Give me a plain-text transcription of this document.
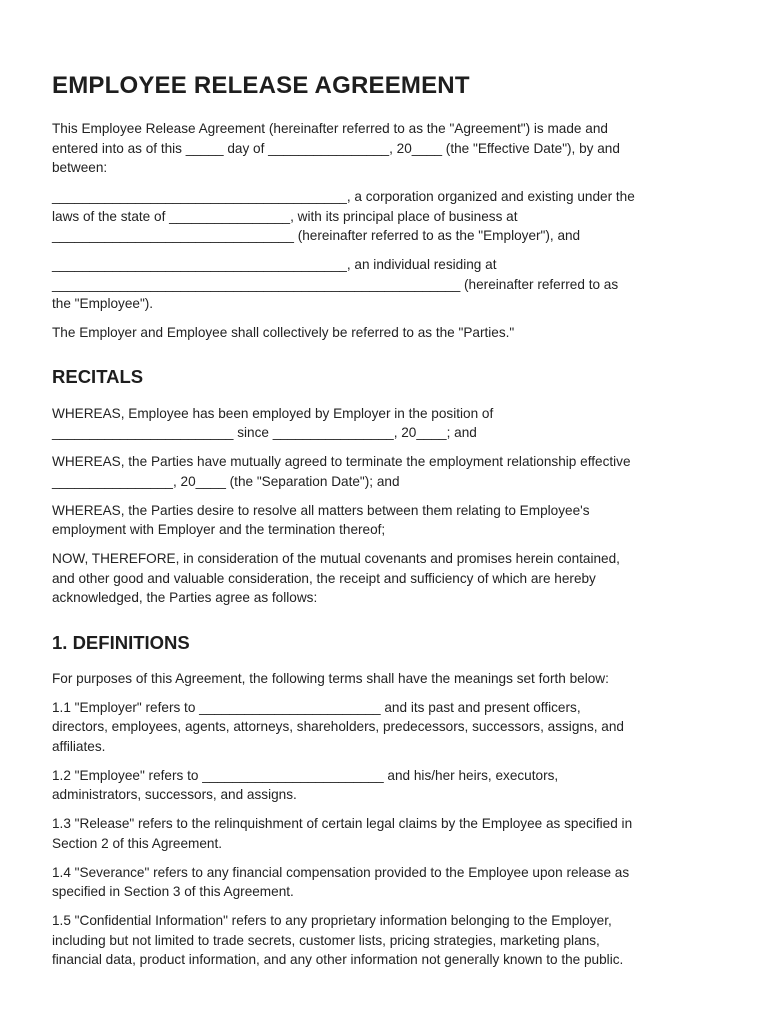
EMPLOYEE RELEASE AGREEMENT

This Employee Release Agreement (hereinafter referred to as the "Agreement") is made and
entered into as of this _____ day of ________________, 20____ (the "Effective Date"), by and
between:

_______________________________________, a corporation organized and existing under the
laws of the state of ________________, with its principal place of business at
________________________________ (hereinafter referred to as the "Employer"), and

_______________________________________, an individual residing at
______________________________________________________ (hereinafter referred to as
the "Employee").

The Employer and Employee shall collectively be referred to as the "Parties."

RECITALS

WHEREAS, Employee has been employed by Employer in the position of
________________________ since ________________, 20____; and

WHEREAS, the Parties have mutually agreed to terminate the employment relationship effective
________________, 20____ (the "Separation Date"); and

WHEREAS, the Parties desire to resolve all matters between them relating to Employee's
employment with Employer and the termination thereof;

NOW, THEREFORE, in consideration of the mutual covenants and promises herein contained,
and other good and valuable consideration, the receipt and sufficiency of which are hereby
acknowledged, the Parties agree as follows:

1. DEFINITIONS

For purposes of this Agreement, the following terms shall have the meanings set forth below:

1.1 "Employer" refers to ________________________ and its past and present officers,
directors, employees, agents, attorneys, shareholders, predecessors, successors, assigns, and
affiliates.

1.2 "Employee" refers to ________________________ and his/her heirs, executors,
administrators, successors, and assigns.

1.3 "Release" refers to the relinquishment of certain legal claims by the Employee as specified in
Section 2 of this Agreement.

1.4 "Severance" refers to any financial compensation provided to the Employee upon release as
specified in Section 3 of this Agreement.

1.5 "Confidential Information" refers to any proprietary information belonging to the Employer,
including but not limited to trade secrets, customer lists, pricing strategies, marketing plans,
financial data, product information, and any other information not generally known to the public.
